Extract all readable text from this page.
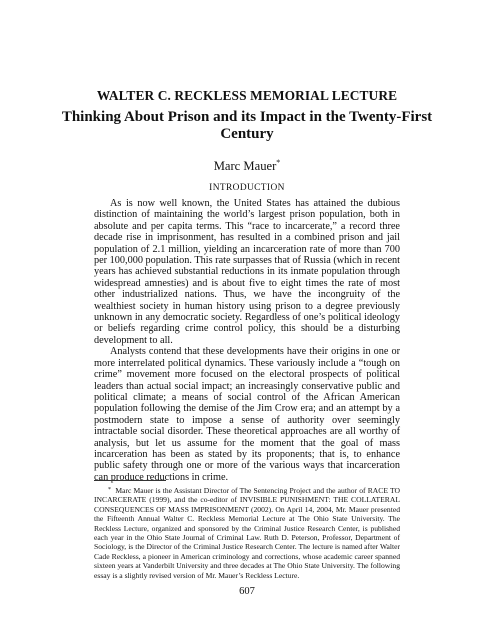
WALTER C. RECKLESS MEMORIAL LECTURE
Thinking About Prison and its Impact in the Twenty-First Century
Marc Mauer*
INTRODUCTION

As is now well known, the United States has attained the dubious distinction of maintaining the world’s largest prison population, both in absolute and per capita terms. This “race to incarcerate,” a record three decade rise in imprisonment, has resulted in a combined prison and jail population of 2.1 million, yielding an incarceration rate of more than 700 per 100,000 population. This rate surpasses that of Russia (which in recent years has achieved substantial reductions in its inmate population through widespread amnesties) and is about five to eight times the rate of most other industrialized nations. Thus, we have the incongruity of the wealthiest society in human history using prison to a degree previously unknown in any democratic society. Regardless of one’s political ideology or beliefs regarding crime control policy, this should be a disturbing development to all.

Analysts contend that these developments have their origins in one or more interrelated political dynamics. These variously include a “tough on crime” movement more focused on the electoral prospects of political leaders than actual social impact; an increasingly conservative public and political climate; a means of social control of the African American population following the demise of the Jim Crow era; and an attempt by a postmodern state to impose a sense of authority over seemingly intractable social disorder. These theoretical approaches are all worthy of analysis, but let us assume for the moment that the goal of mass incarceration has been as stated by its proponents; that is, to enhance public safety through one or more of the various ways that incarceration can produce reductions in crime.

* Marc Mauer is the Assistant Director of The Sentencing Project and the author of RACE TO INCARCERATE (1999), and the co-editor of INVISIBLE PUNISHMENT: THE COLLATERAL CONSEQUENCES OF MASS IMPRISONMENT (2002). On April 14, 2004, Mr. Mauer presented the Fifteenth Annual Walter C. Reckless Memorial Lecture at The Ohio State University. The Reckless Lecture, organized and sponsored by the Criminal Justice Research Center, is published each year in the Ohio State Journal of Criminal Law. Ruth D. Peterson, Professor, Department of Sociology, is the Director of the Criminal Justice Research Center. The lecture is named after Walter Cade Reckless, a pioneer in American criminology and corrections, whose academic career spanned sixteen years at Vanderbilt University and three decades at The Ohio State University. The following essay is a slightly revised version of Mr. Mauer’s Reckless Lecture.

607
